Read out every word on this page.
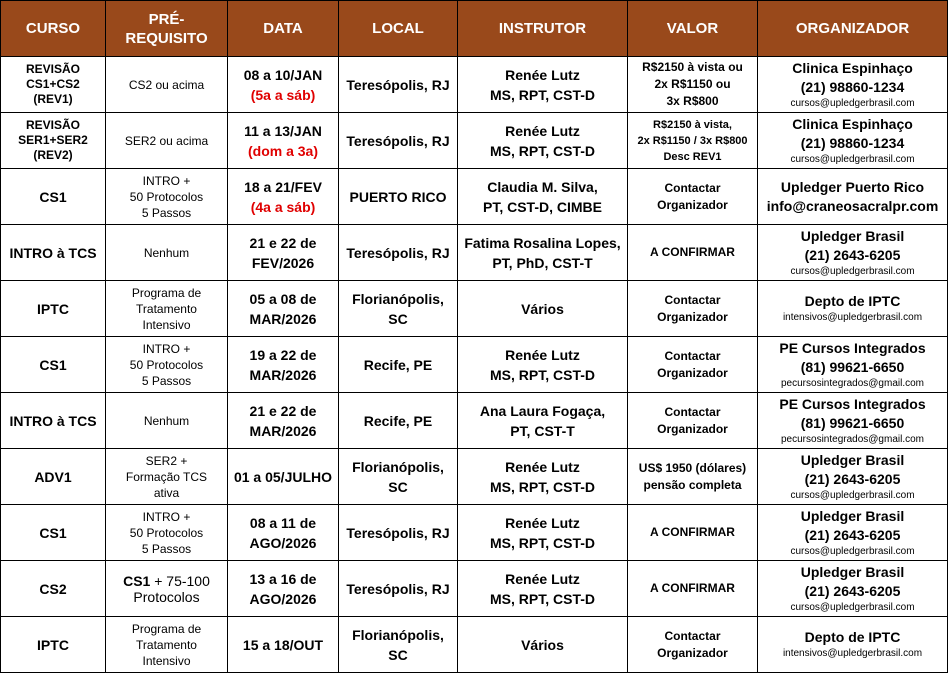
CURSO	PRÉ-
REQUISITO	DATA	LOCAL	INSTRUTOR	VALOR	ORGANIZADOR

REVISÃO
CS1+CS2
(REV1)	CS2 ou acima	08 a 10/JAN
(5a a sáb)	Teresópolis, RJ	Renée Lutz
MS, RPT, CST-D	R$2150 à vista ou
2x R$1150 ou
3x R$800	Clinica Espinhaço
(21) 98860-1234
cursos@upledgerbrasil.com

REVISÃO
SER1+SER2
(REV2)	SER2 ou acima	11 a 13/JAN
(dom a 3a)	Teresópolis, RJ	Renée Lutz
MS, RPT, CST-D	R$2150 à vista,
2x R$1150 / 3x R$800
Desc REV1	Clinica Espinhaço
(21) 98860-1234
cursos@upledgerbrasil.com

CS1	INTRO +
50 Protocolos
5 Passos	18 a 21/FEV
(4a a sáb)	PUERTO RICO	Claudia M. Silva,
PT, CST-D, CIMBE	Contactar
Organizador	Upledger Puerto Rico
info@craneosacralpr.com

INTRO à TCS	Nenhum	21 e 22 de
FEV/2026	Teresópolis, RJ	Fatima Rosalina Lopes,
PT, PhD, CST-T	A CONFIRMAR	Upledger Brasil
(21) 2643-6205
cursos@upledgerbrasil.com

IPTC	Programa de
Tratamento
Intensivo	05 a 08 de
MAR/2026	Florianópolis,
SC	Vários	Contactar
Organizador	Depto de IPTC
intensivos@upledgerbrasil.com

CS1	INTRO +
50 Protocolos
5 Passos	19 a 22 de
MAR/2026	Recife, PE	Renée Lutz
MS, RPT, CST-D	Contactar
Organizador	PE Cursos Integrados
(81) 99621-6650
pecursosintegrados@gmail.com

INTRO à TCS	Nenhum	21 e 22 de
MAR/2026	Recife, PE	Ana Laura Fogaça,
PT, CST-T	Contactar
Organizador	PE Cursos Integrados
(81) 99621-6650
pecursosintegrados@gmail.com

ADV1	SER2 +
Formação TCS
ativa	01 a 05/JULHO	Florianópolis,
SC	Renée Lutz
MS, RPT, CST-D	US$ 1950 (dólares)
pensão completa	Upledger Brasil
(21) 2643-6205
cursos@upledgerbrasil.com

CS1	INTRO +
50 Protocolos
5 Passos	08 a 11 de
AGO/2026	Teresópolis, RJ	Renée Lutz
MS, RPT, CST-D	A CONFIRMAR	Upledger Brasil
(21) 2643-6205
cursos@upledgerbrasil.com

CS2	CS1 + 75-100
Protocolos	13 a 16 de
AGO/2026	Teresópolis, RJ	Renée Lutz
MS, RPT, CST-D	A CONFIRMAR	Upledger Brasil
(21) 2643-6205
cursos@upledgerbrasil.com

IPTC	Programa de
Tratamento
Intensivo	15 a 18/OUT	Florianópolis,
SC	Vários	Contactar
Organizador	Depto de IPTC
intensivos@upledgerbrasil.com
